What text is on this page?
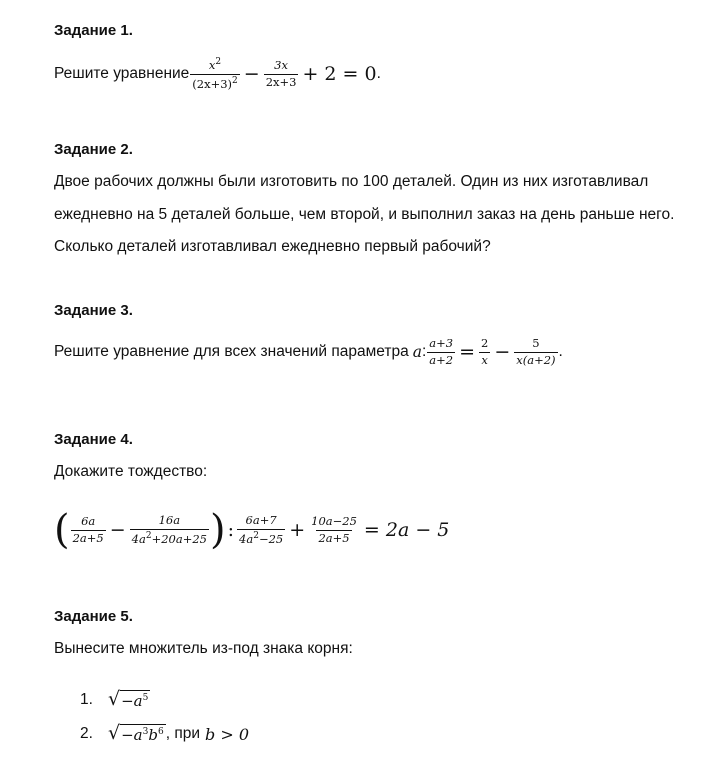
Задание 1.
Решите уравнение $\frac{x^2}{(2x+3)^2} - \frac{3x}{2x+3} + 2 = 0$ .
Задание 2.
Двое рабочих должны были изготовить по 100 деталей. Один из них изготавливал
ежедневно на 5 деталей больше, чем второй, и выполнил заказ на день раньше него.
Сколько деталей изготавливал ежедневно первый рабочий?
Задание 3.
Решите уравнение для всех значений параметра a : $\frac{a+3}{a+2} = \frac{2}{x} - \frac{5}{x(a+2)}$ .
Задание 4.
Докажите тождество:
( $\frac{6a}{2a+5} - \frac{16a}{4a^2+20a+25}$ ) : $\frac{6a+7}{4a^2-25} + \frac{10a-25}{2a+5} = 2a - 5$
Задание 5.
Вынесите множитель из-под знака корня:
1. √ $-a^5$
2. √ $-a^3b^6$ , при b > 0
